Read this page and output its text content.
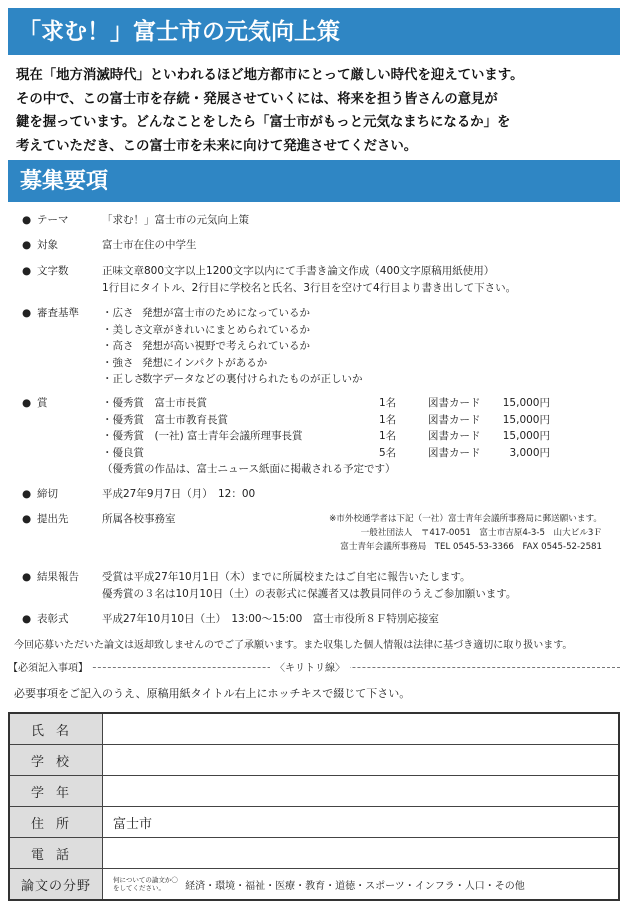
「求む！」富士市の元気向上策
現在「地方消滅時代」といわれるほど地方都市にとって厳しい時代を迎えています。
その中で、この富士市を存続・発展させていくには、将来を担う皆さんの意見が
鍵を握っています。どんなことをしたら「富士市がもっと元気なまちになるか」を
考えていただき、この富士市を未来に向けて発進させてください。
募集要項
● テーマ	「求む！」富士市の元気向上策
● 対象	富士市在住の中学生
● 文字数	正味文章800文字以上1200文字以内にて手書き論文作成（400文字原稿用紙使用）
1行目にタイトル、2行目に学校名と氏名、3行目を空けて4行目より書き出して下さい。
● 審査基準 ・広さ 発想が富士市のためになっているか
・美しさ文章がきれいにまとめられているか
・高さ 発想が高い視野で考えられているか
・強さ 発想にインパクトがあるか
・正しさ数字データなどの裏付けられたものが正しいか
● 賞	・優秀賞　富士市長賞	1名	図書カード 15,000円
・優秀賞　富士市教育長賞	1名	図書カード 15,000円
・優秀賞　(一社) 富士青年会議所理事長賞	1名	図書カード 15,000円
・優良賞	5名	図書カード	3,000円
（優秀賞の作品は、富士ニュース紙面に掲載される予定です）
● 締切	平成27年9月7日（月）　12：00
● 提出先	所属各校事務室	※市外校通学者は下記（一社）富士青年会議所事務局に郵送願います。
一般社団法人　〒417-0051　富士市吉原4-3-5　山大ビル3Ｆ
富士青年会議所事務局　TEL 0545-53-3366　FAX 0545-52-2581
● 結果報告 受賞は平成27年10月1日（木）までに所属校またはご自宅に報告いたします。
優秀賞の３名は10月10日（土）の表彰式に保護者又は教員同伴のうえご参加願います。
● 表彰式	平成27年10月10日（土）　13:00〜15:00　富士市役所８Ｆ特別応接室
今回応募いただいた論文は返却致しませんのでご了承願います。また収集した個人情報は法律に基づき適切に取り扱います。
【必須記入事項】	〈キリトリ線〉
必要事項をご記入のうえ、原稿用紙タイトル右上にホッチキスで綴じて下さい。
氏名	
学校	
学年	
住所	富士市
電話	
論文の分野	何についての論文か〇をしてください。 経済・環境・福祉・医療・教育・道徳・スポーツ・インフラ・人口・その他
